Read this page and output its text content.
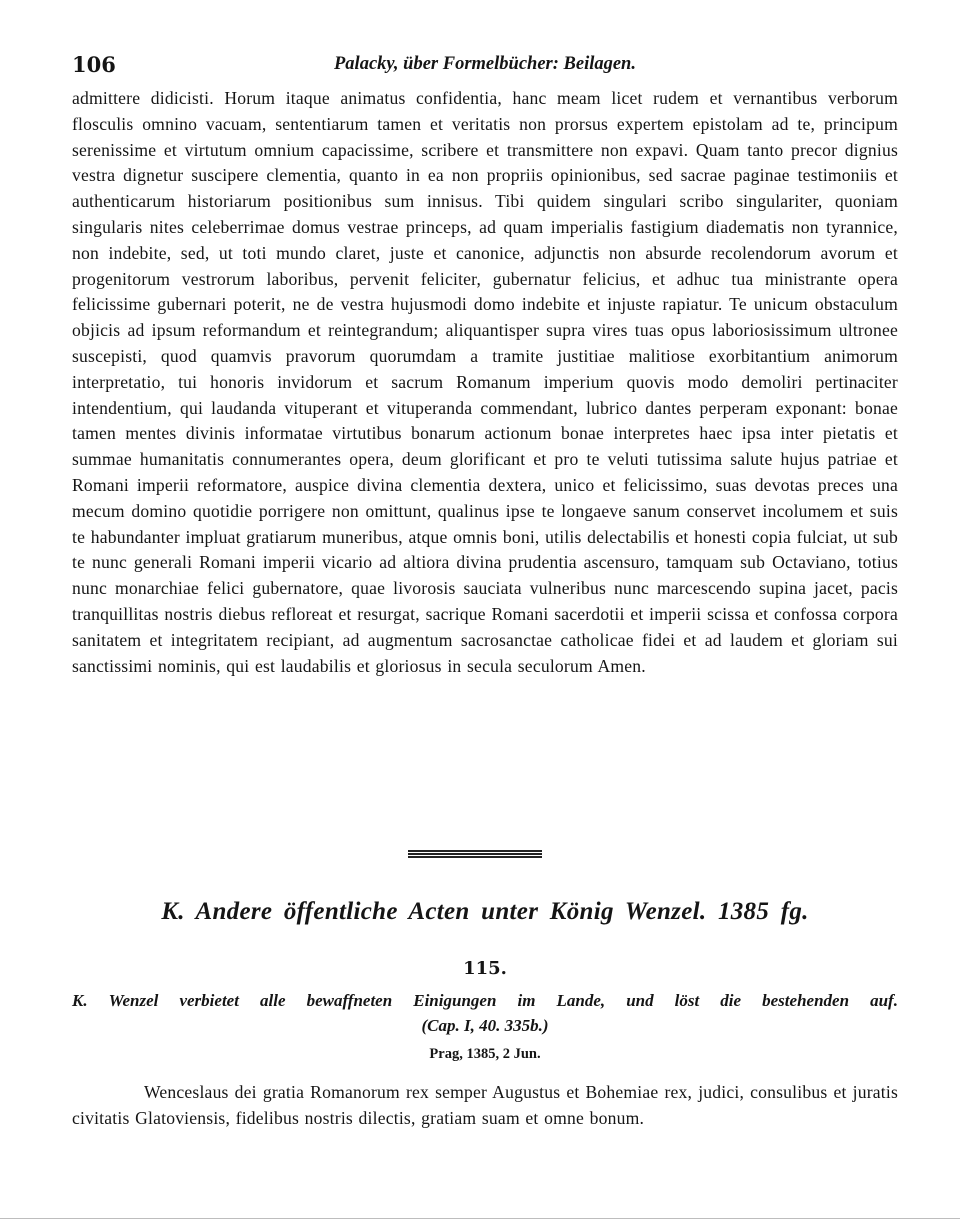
106	Palacky, über Formelbücher: Beilagen.

admittere didicisti. Horum itaque animatus confidentia, hanc meam licet rudem et vernantibus verborum flosculis omnino vacuam, sententiarum tamen et veritatis non prorsus expertem epistolam ad te, principum serenissime et virtutum omnium capacissime, scribere et transmittere non expavi. Quam tanto precor dignius vestra dignetur suscipere clementia, quanto in ea non propriis opinionibus, sed sacrae paginae testimoniis et authenticarum historiarum positionibus sum innisus. Tibi quidem singulari scribo singulariter, quoniam singularis nites celeberrimae domus vestrae princeps, ad quam imperialis fastigium diadematis non tyrannice, non indebite, sed, ut toti mundo claret, juste et canonice, adjunctis non absurde recolendorum avorum et progenitorum vestrorum laboribus, pervenit feliciter, gubernatur felicius, et adhuc tua ministrante opera felicissime gubernari poterit, ne de vestra hujusmodi domo indebite et injuste rapiatur. Te unicum obstaculum objicis ad ipsum reformandum et reintegrandum; aliquantisper supra vires tuas opus laboriosissimum ultronee suscepisti, quod quamvis pravorum quorumdam a tramite justitiae malitiose exorbitantium animorum interpretatio, tui honoris invidorum et sacrum Romanum imperium quovis modo demoliri pertinaciter intendentium, qui laudanda vituperant et vituperanda commendant, lubrico dantes perperam exponant: bonae tamen mentes divinis informatae virtutibus bonarum actionum bonae interpretes haec ipsa inter pietatis et summae humanitatis connumerantes opera, deum glorificant et pro te veluti tutissima salute hujus patriae et Romani imperii reformatore, auspice divina clementia dextera, unico et felicissimo, suas devotas preces una mecum domino quotidie porrigere non omittunt, qualinus ipse te longaeve sanum conservet incolumem et suis te habundanter impluat gratiarum muneribus, atque omnis boni, utilis delectabilis et honesti copia fulciat, ut sub te nunc generali Romani imperii vicario ad altiora divina prudentia ascensuro, tamquam sub Octaviano, totius nunc monarchiae felici gubernatore, quae livorosis sauciata vulneribus nunc marcescendo supina jacet, pacis tranquillitas nostris diebus refloreat et resurgat, sacrique Romani sacerdotii et imperii scissa et confossa corpora sanitatem et integritatem recipiant, ad augmentum sacrosanctae catholicae fidei et ad laudem et gloriam sui sanctissimi nominis, qui est laudabilis et gloriosus in secula seculorum Amen.

K. Andere öffentliche Acten unter König Wenzel. 1385 fg.
115.
K. Wenzel verbietet alle bewaffneten Einigungen im Lande, und löst die bestehenden auf.
(Cap. I, 40. 335b.)
Prag, 1385, 2 Jun.

Wenceslaus dei gratia Romanorum rex semper Augustus et Bohemiae rex, judici, consulibus et juratis civitatis Glatoviensis, fidelibus nostris dilectis, gratiam suam et omne bonum.
